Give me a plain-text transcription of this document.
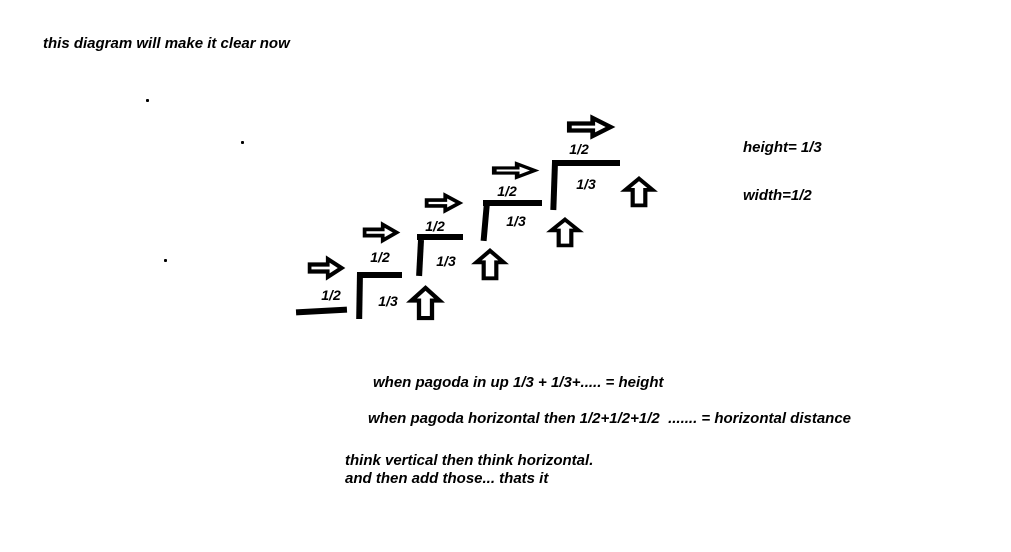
this diagram will make it clear now
1/2
1/2
1/3
1/2
1/3
1/2
1/3
1/2
1/3
height= 1/3
width=1/2
when pagoda in up 1/3 + 1/3+..... = height
when pagoda horizontal then 1/2+1/2+1/2  ....... = horizontal distance
think vertical then think horizontal.
and then add those... thats it
